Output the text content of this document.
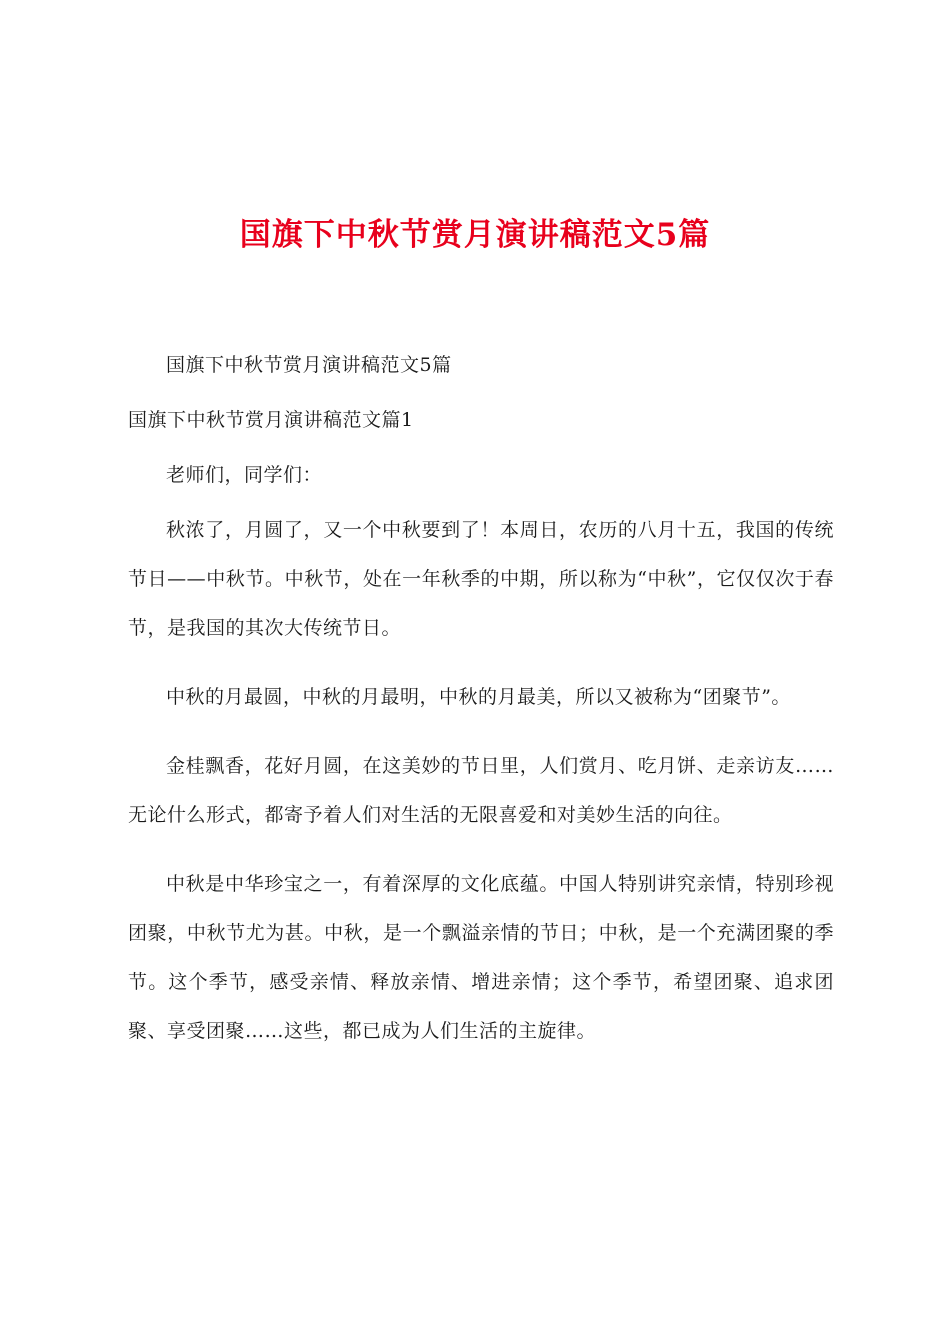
国旗下中秋节赏月演讲稿范文5篇

国旗下中秋节赏月演讲稿范文5篇

国旗下中秋节赏月演讲稿范文篇1

老师们，同学们：

秋浓了，月圆了，又一个中秋要到了！本周日，农历的八月十五，我国的传统节日——中秋节。中秋节，处在一年秋季的中期，所以称为“中秋”，它仅仅次于春节，是我国的其次大传统节日。

中秋的月最圆，中秋的月最明，中秋的月最美，所以又被称为“团聚节”。

金桂飘香，花好月圆，在这美妙的节日里，人们赏月、吃月饼、走亲访友……无论什么形式，都寄予着人们对生活的无限喜爱和对美妙生活的向往。

中秋是中华珍宝之一，有着深厚的文化底蕴。中国人特别讲究亲情，特别珍视团聚，中秋节尤为甚。中秋，是一个飘溢亲情的节日；中秋，是一个充满团聚的季节。这个季节，感受亲情、释放亲情、增进亲情；这个季节，希望团聚、追求团聚、享受团聚……这些，都已成为人们生活的主旋律。
